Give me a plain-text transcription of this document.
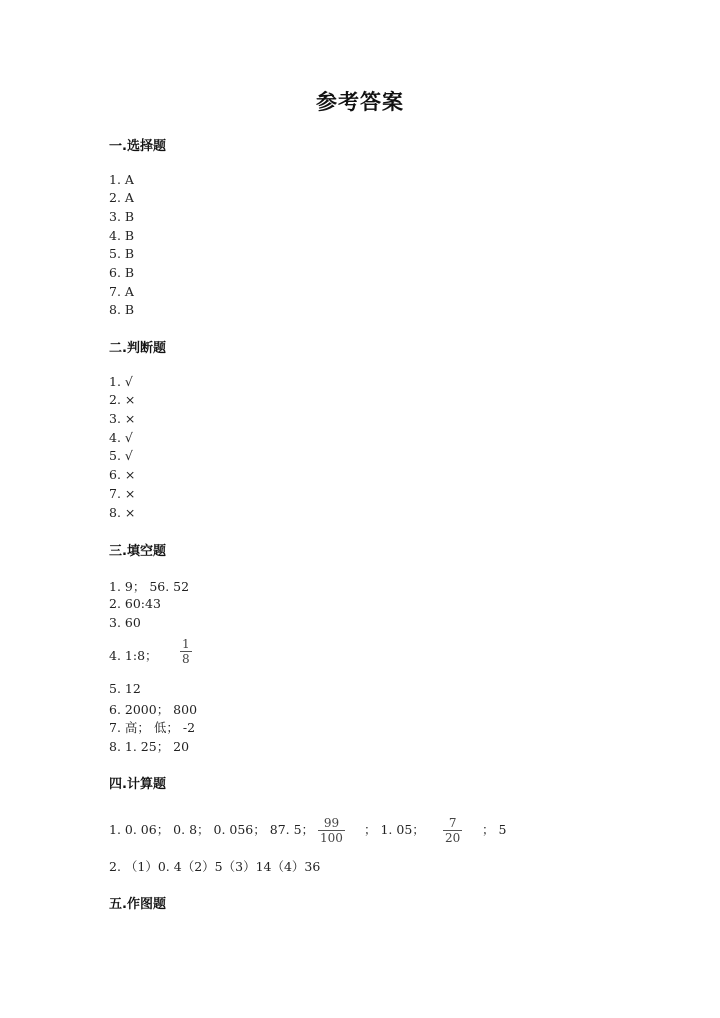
参考答案
一.选择题
1. A
2. A
3. B
4. B
5. B
6. B
7. A
8. B
二.判断题
1. √
2. ×
3. ×
4. √
5. √
6. ×
7. ×
8. ×
三.填空题
1. 9； 56. 52
2. 60:43
3. 60
4. 1:8；
1
8
5. 12
6. 2000； 800
7. 高； 低； -2
8. 1. 25； 20
四.计算题
1. 0. 06； 0. 8； 0. 056； 87. 5； 99
100
； 1. 05； 7
20
； 5
2. （1）0. 4（2）5（3）14（4）36
五.作图题
